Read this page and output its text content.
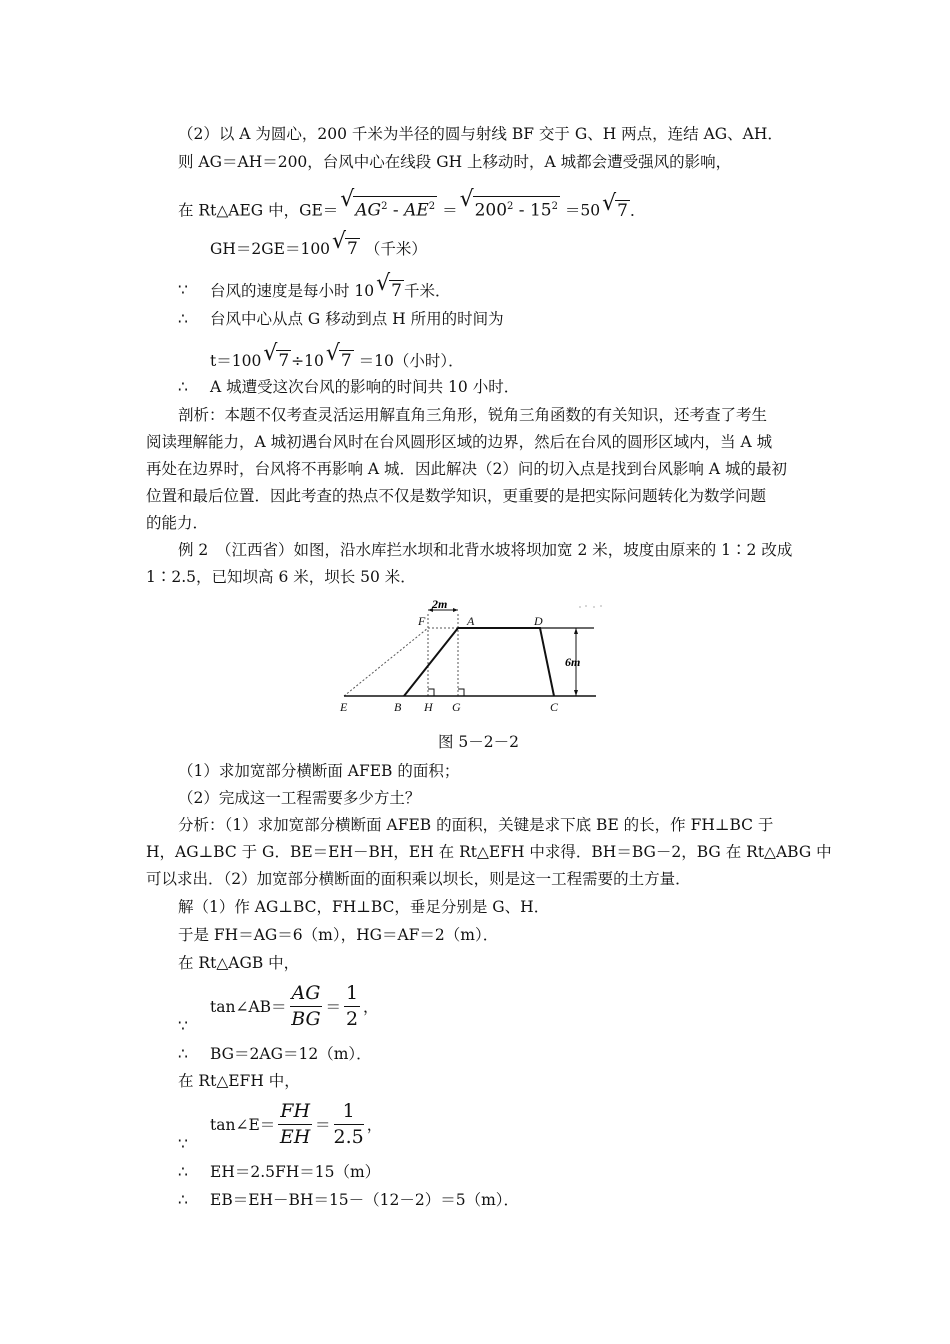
（2）以 A 为圆心，200 千米为半径的圆与射线 BF 交于 G、H 两点，连结 AG、AH．
则 AG＝AH＝200，台风中心在线段 GH 上移动时，A 城都会遭受强风的影响，
在 Rt△AEG 中，GE＝ √ $AG^2 - AE^2$ ＝ √ $200^2 - 15^2 =50$ √ 7 ．
GH＝2GE＝100 √ 7 （千米）
∵ 台风的速度是每小时 10 √ 7 千米．
∴ 台风中心从点 G 移动到点 H 所用的时间为
t＝100 √ 7 ÷10 √ 7 ＝10（小时）．
∴ A 城遭受这次台风的影响的时间共 10 小时．
剖析：本题不仅考查灵活运用解直角三角形，锐角三角函数的有关知识，还考查了考生
阅读理解能力，A 城初遇台风时在台风圆形区域的边界，然后在台风的圆形区域内，当 A 城
再处在边界时，台风将不再影响 A 城．因此解决（2）问的切入点是找到台风影响 A 城的最初
位置和最后位置．因此考查的热点不仅是数学知识，更重要的是把实际问题转化为数学问题
的能力．
例 2　（江西省）如图，沿水库拦水坝和北背水坡将坝加宽 2 米，坡度由原来的 1∶2 改成
1∶2.5，已知坝高 6 米，坝长 50 米．
2m
6m
F	A	D
E	B H G	C
图 5－2－2
（1）求加宽部分横断面 AFEB 的面积；
（2）完成这一工程需要多少方土？
分析：（1）求加宽部分横断面 AFEB 的面积，关键是求下底 BE 的长，作 FH⊥BC 于
H，AG⊥BC 于 G．BE＝EH－BH，EH 在 Rt△EFH 中求得．BH＝BG－2，BG 在 Rt△ABG 中
可以求出．（2）加宽部分横断面的面积乘以坝长，则是这一工程需要的土方量．
解（1）作 AG⊥BC，FH⊥BC，垂足分别是 G、H．
于是 FH＝AG＝6（m），HG＝AF＝2（m）．
在 Rt△AGB 中，
∵
tan∠AB＝ $\frac{AG}{BG} = \frac{1}{2}$ ，
∴ BG＝2AG＝12（m）．
在 Rt△EFH 中，
∵
tan∠E＝ $\frac{FH}{EH} = \frac{1}{2.5}$ ，
∴ EH＝2.5FH＝15（m）
∴ EB＝EH－BH＝15－（12－2）＝5（m）．
